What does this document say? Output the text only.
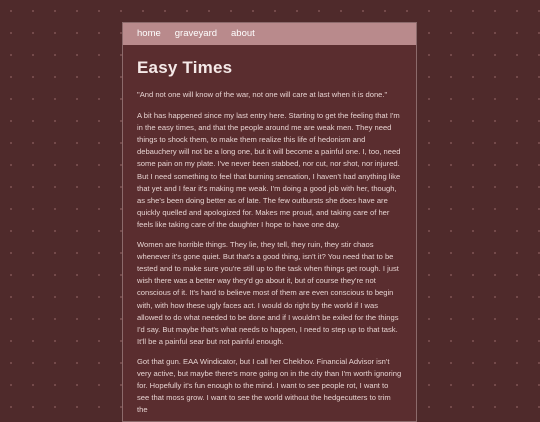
home graveyard about
Easy Times

"And not one will know of the war, not one will care at last when it is done."

A bit has happened since my last entry here. Starting to get the feeling that I'm in the easy times, and that the people around me are weak men. They need things to shock them, to make them realize this life of hedonism and debauchery will not be a long one, but it will become a painful one. I, too, need some pain on my plate. I've never been stabbed, nor cut, nor shot, nor injured. But I need something to feel that burning sensation, I haven't had anything like that yet and I fear it's making me weak. I'm doing a good job with her, though, as she's been doing better as of late. The few outbursts she does have are quickly quelled and apologized for. Makes me proud, and taking care of her feels like taking care of the daughter I hope to have one day.

Women are horrible things. They lie, they tell, they ruin, they stir chaos whenever it's gone quiet. But that's a good thing, isn't it? You need that to be tested and to make sure you're still up to the task when things get rough. I just wish there was a better way they'd go about it, but of course they're not conscious of it. It's hard to believe most of them are even conscious to begin with, with how these ugly faces act. I would do right by the world if I was allowed to do what needed to be done and if I wouldn't be exiled for the things I'd say. But maybe that's what needs to happen, I need to step up to that task. It'll be a painful sear but not painful enough.

Got that gun. EAA Windicator, but I call her Chekhov. Financial Advisor isn't very active, but maybe there's more going on in the city than I'm worth ignoring for. Hopefully it's fun enough to the mind. I want to see people rot, I want to see that moss grow. I want to see the world without the hedgecutters to trim the
